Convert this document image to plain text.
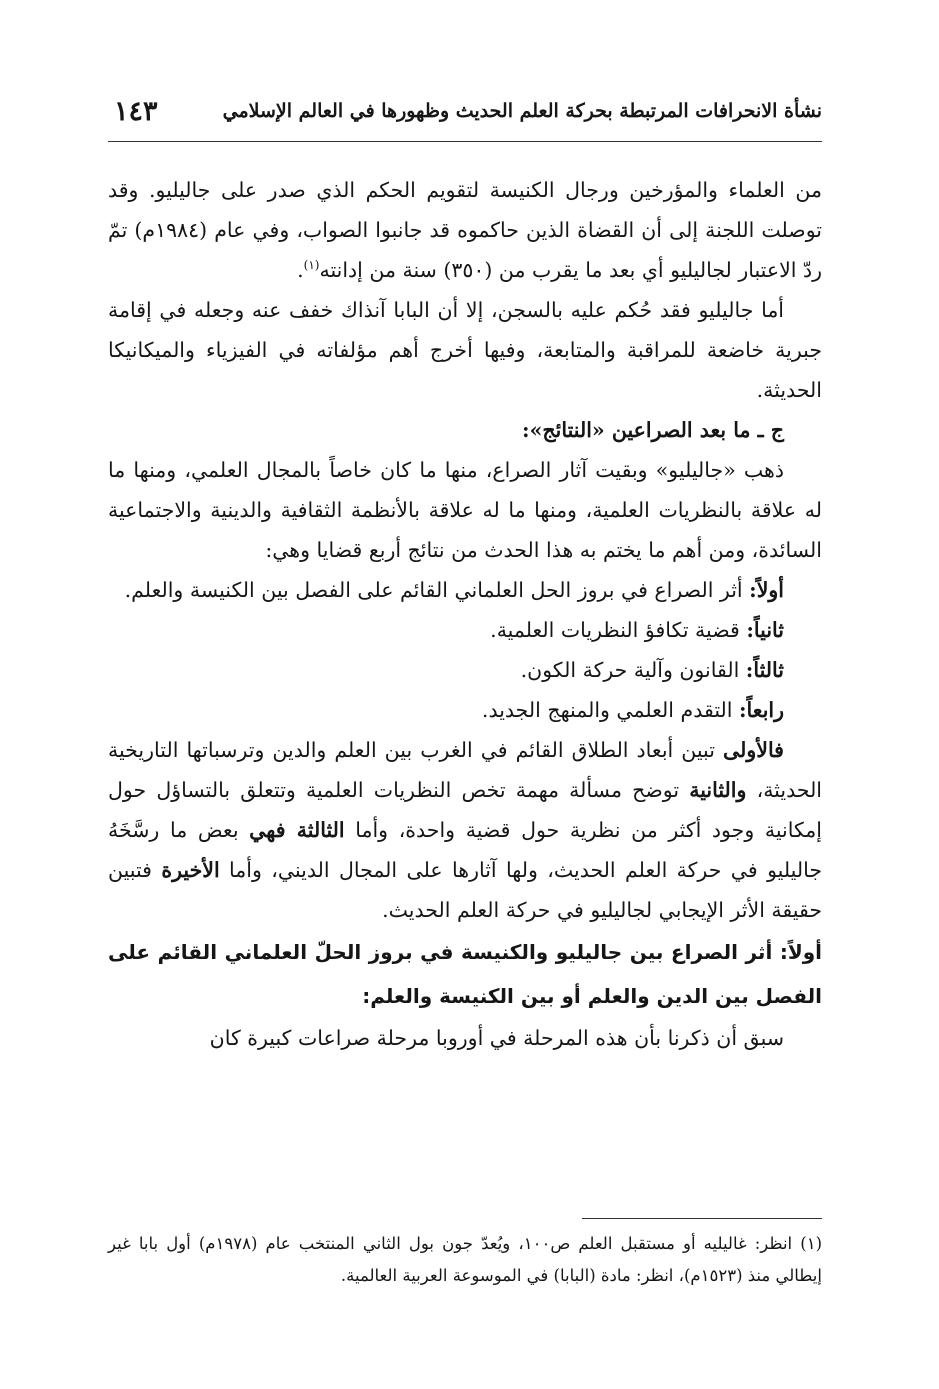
نشأة الانحرافات المرتبطة بحركة العلم الحديث وظهورها في العالم الإسلامي
١٤٣

من العلماء والمؤرخين ورجال الكنيسة لتقويم الحكم الذي صدر على جاليليو. وقد توصلت اللجنة إلى أن القضاة الذين حاكموه قد جانبوا الصواب، وفي عام (١٩٨٤م) تمّ ردّ الاعتبار لجاليليو أي بعد ما يقرب من (٣٥٠) سنة من إدانته$^{(١)}$.

أما جاليليو فقد حُكم عليه بالسجن، إلا أن البابا آنذاك خفف عنه وجعله في إقامة جبرية خاضعة للمراقبة والمتابعة، وفيها أخرج أهم مؤلفاته في الفيزياء والميكانيكا الحديثة.

ج ـ ما بعد الصراعين «النتائج»:

ذهب «جاليليو» وبقيت آثار الصراع، منها ما كان خاصاً بالمجال العلمي، ومنها ما له علاقة بالنظريات العلمية، ومنها ما له علاقة بالأنظمة الثقافية والدينية والاجتماعية السائدة، ومن أهم ما يختم به هذا الحدث من نتائج أربع قضايا وهي:

أولاً: أثر الصراع في بروز الحل العلماني القائم على الفصل بين الكنيسة والعلم.

ثانياً: قضية تكافؤ النظريات العلمية.

ثالثاً: القانون وآلية حركة الكون.

رابعاً: التقدم العلمي والمنهج الجديد.

فالأولى تبين أبعاد الطلاق القائم في الغرب بين العلم والدين وترسباتها التاريخية الحديثة، والثانية توضح مسألة مهمة تخص النظريات العلمية وتتعلق بالتساؤل حول إمكانية وجود أكثر من نظرية حول قضية واحدة، وأما الثالثة فهي بعض ما رسَّخَهُ جاليليو في حركة العلم الحديث، ولها آثارها على المجال الديني، وأما الأخيرة فتبين حقيقة الأثر الإيجابي لجاليليو في حركة العلم الحديث.

أولاً: أثر الصراع بين جاليليو والكنيسة في بروز الحلّ العلماني القائم على الفصل بين الدين والعلم أو بين الكنيسة والعلم:

سبق أن ذكرنا بأن هذه المرحلة في أوروبا مرحلة صراعات كبيرة كان

(١) انظر: غاليليه أو مستقبل العلم ص١٠٠، ويُعدّ جون بول الثاني المنتخب عام (١٩٧٨م) أول بابا غير إيطالي منذ (١٥٢٣م)، انظر: مادة (البابا) في الموسوعة العربية العالمية.
